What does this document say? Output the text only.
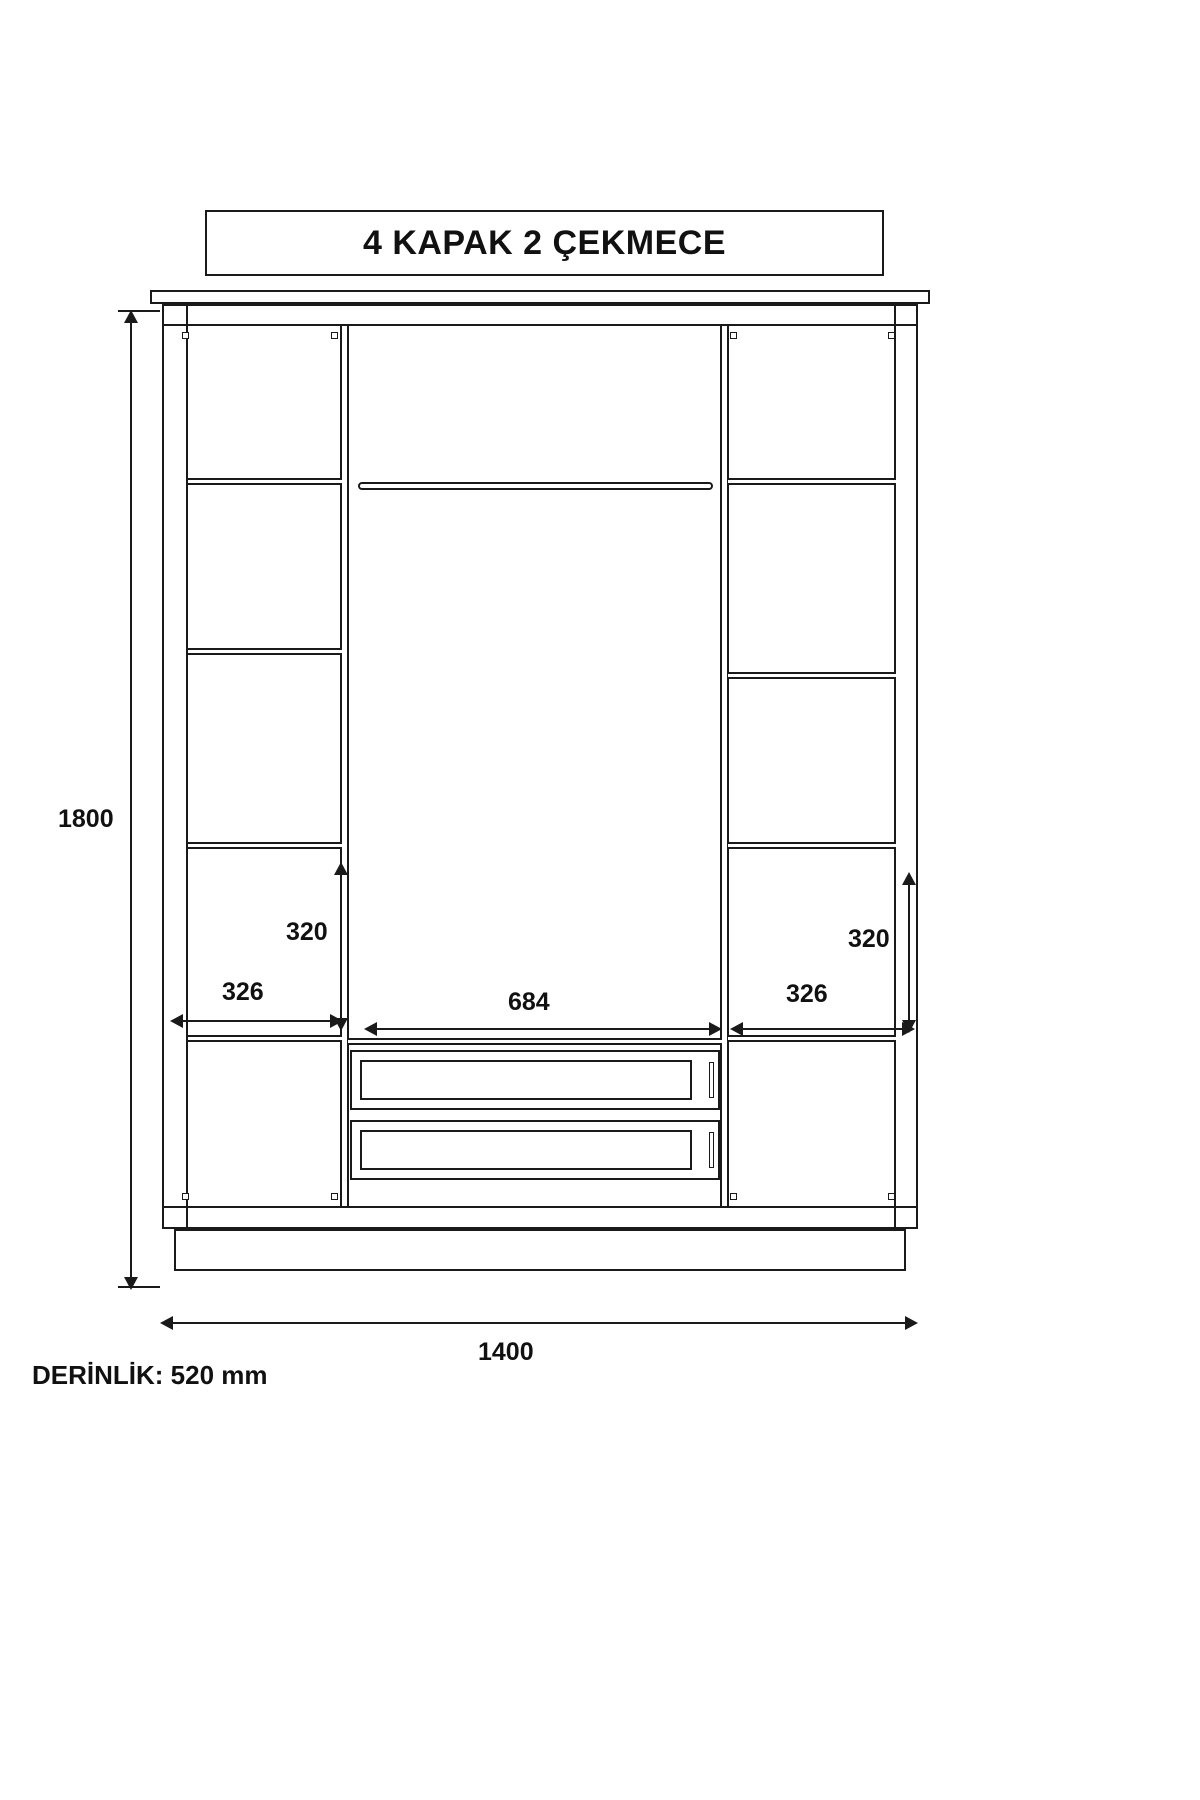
4 KAPAK 2 ÇEKMECE
1800
1400
326
320
684	326
320
DERİNLİK: 520 mm
